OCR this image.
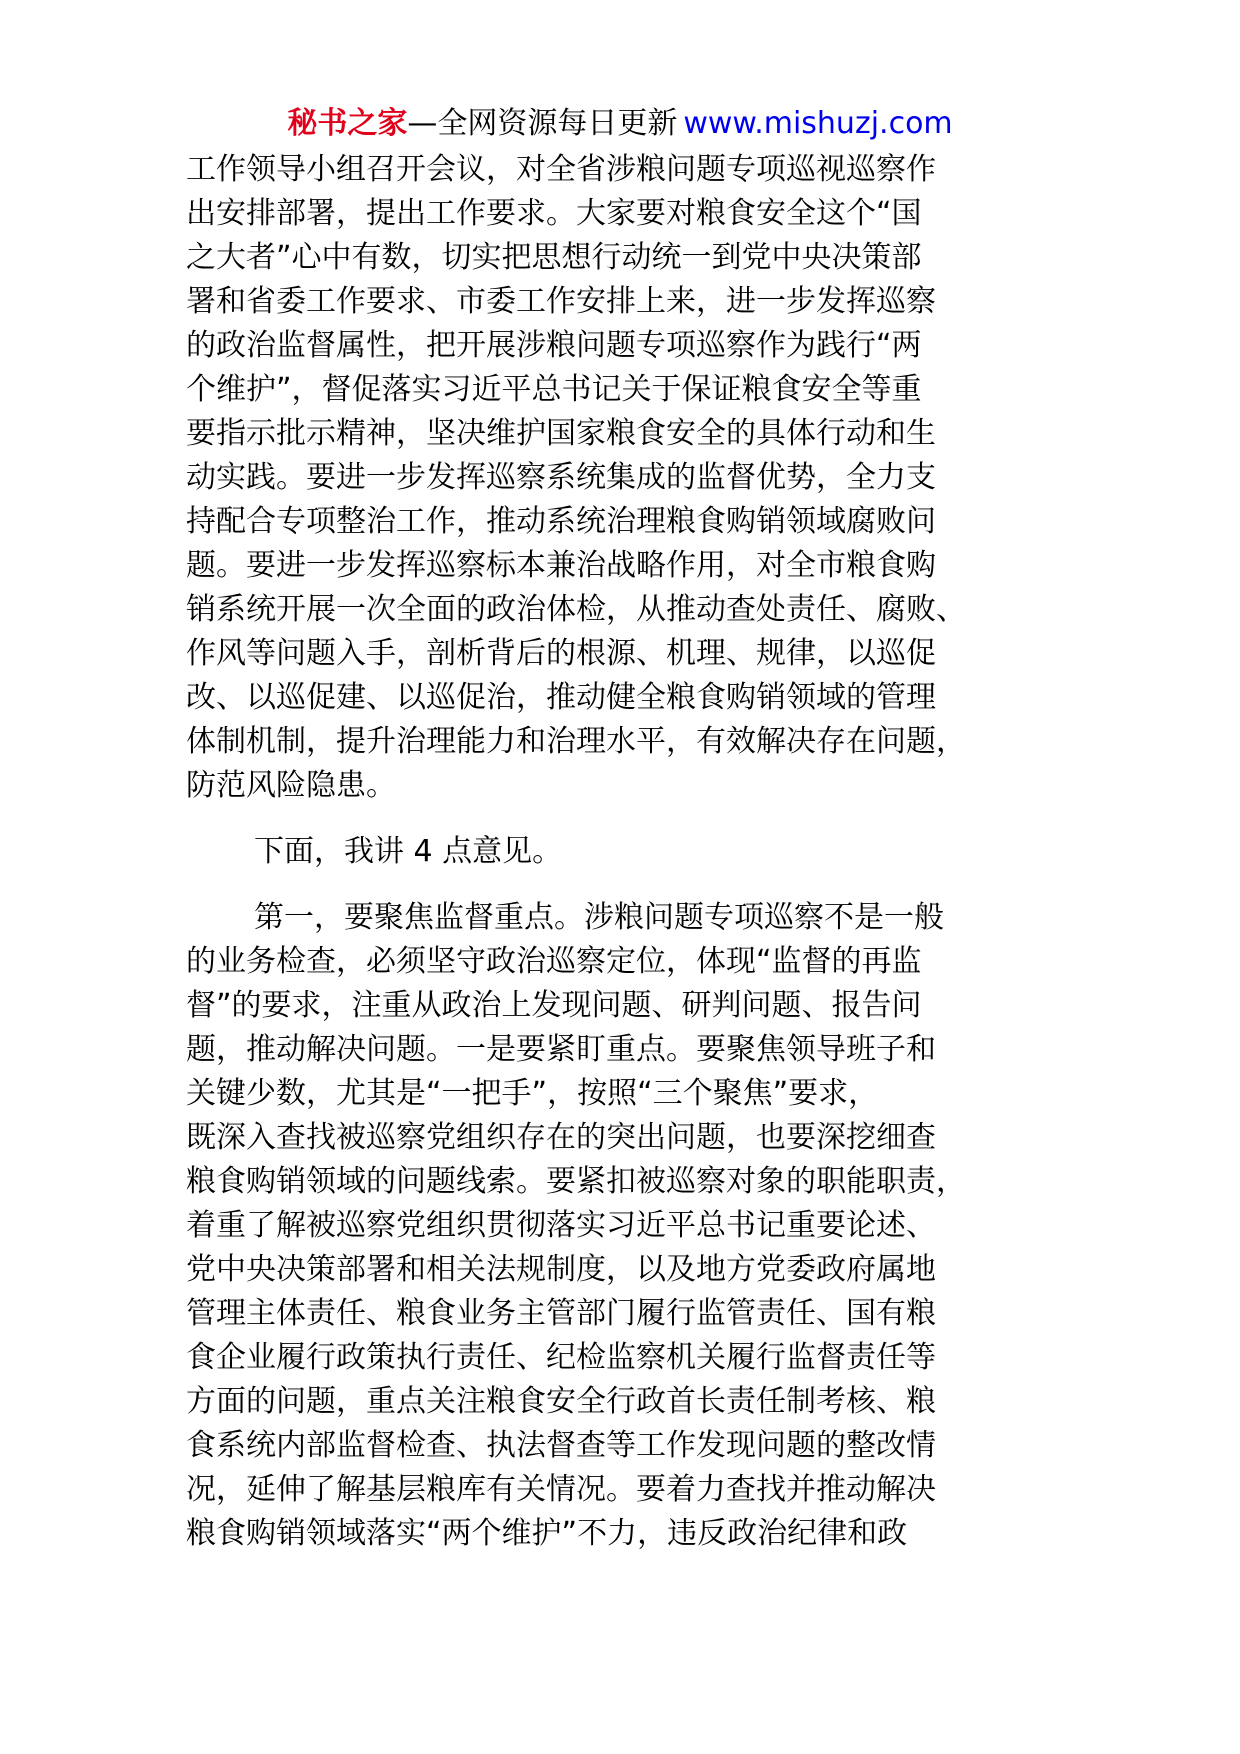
秘书之家—全网资源每日更新 www.mishuzj.com
工作领导小组召开会议，对全省涉粮问题专项巡视巡察作
出安排部署，提出工作要求。大家要对粮食安全这个“国
之大者”心中有数，切实把思想行动统一到党中央决策部
署和省委工作要求、市委工作安排上来，进一步发挥巡察
的政治监督属性，把开展涉粮问题专项巡察作为践行“两
个维护”，督促落实习近平总书记关于保证粮食安全等重
要指示批示精神，坚决维护国家粮食安全的具体行动和生
动实践。要进一步发挥巡察系统集成的监督优势，全力支
持配合专项整治工作，推动系统治理粮食购销领域腐败问
题。要进一步发挥巡察标本兼治战略作用，对全市粮食购
销系统开展一次全面的政治体检，从推动查处责任、腐败、
作风等问题入手，剖析背后的根源、机理、规律，以巡促
改、以巡促建、以巡促治，推动健全粮食购销领域的管理
体制机制，提升治理能力和治理水平，有效解决存在问题，
防范风险隐患。
下面，我讲 4 点意见。
第一，要聚焦监督重点。涉粮问题专项巡察不是一般
的业务检查，必须坚守政治巡察定位，体现“监督的再监
督”的要求，注重从政治上发现问题、研判问题、报告问
题，推动解决问题。一是要紧盯重点。要聚焦领导班子和
关键少数，尤其是“一把手”，按照“三个聚焦”要求，
既深入查找被巡察党组织存在的突出问题，也要深挖细查
粮食购销领域的问题线索。要紧扣被巡察对象的职能职责，
着重了解被巡察党组织贯彻落实习近平总书记重要论述、
党中央决策部署和相关法规制度，以及地方党委政府属地
管理主体责任、粮食业务主管部门履行监管责任、国有粮
食企业履行政策执行责任、纪检监察机关履行监督责任等
方面的问题，重点关注粮食安全行政首长责任制考核、粮
食系统内部监督检查、执法督查等工作发现问题的整改情
况，延伸了解基层粮库有关情况。要着力查找并推动解决
粮食购销领域落实“两个维护”不力，违反政治纪律和政
